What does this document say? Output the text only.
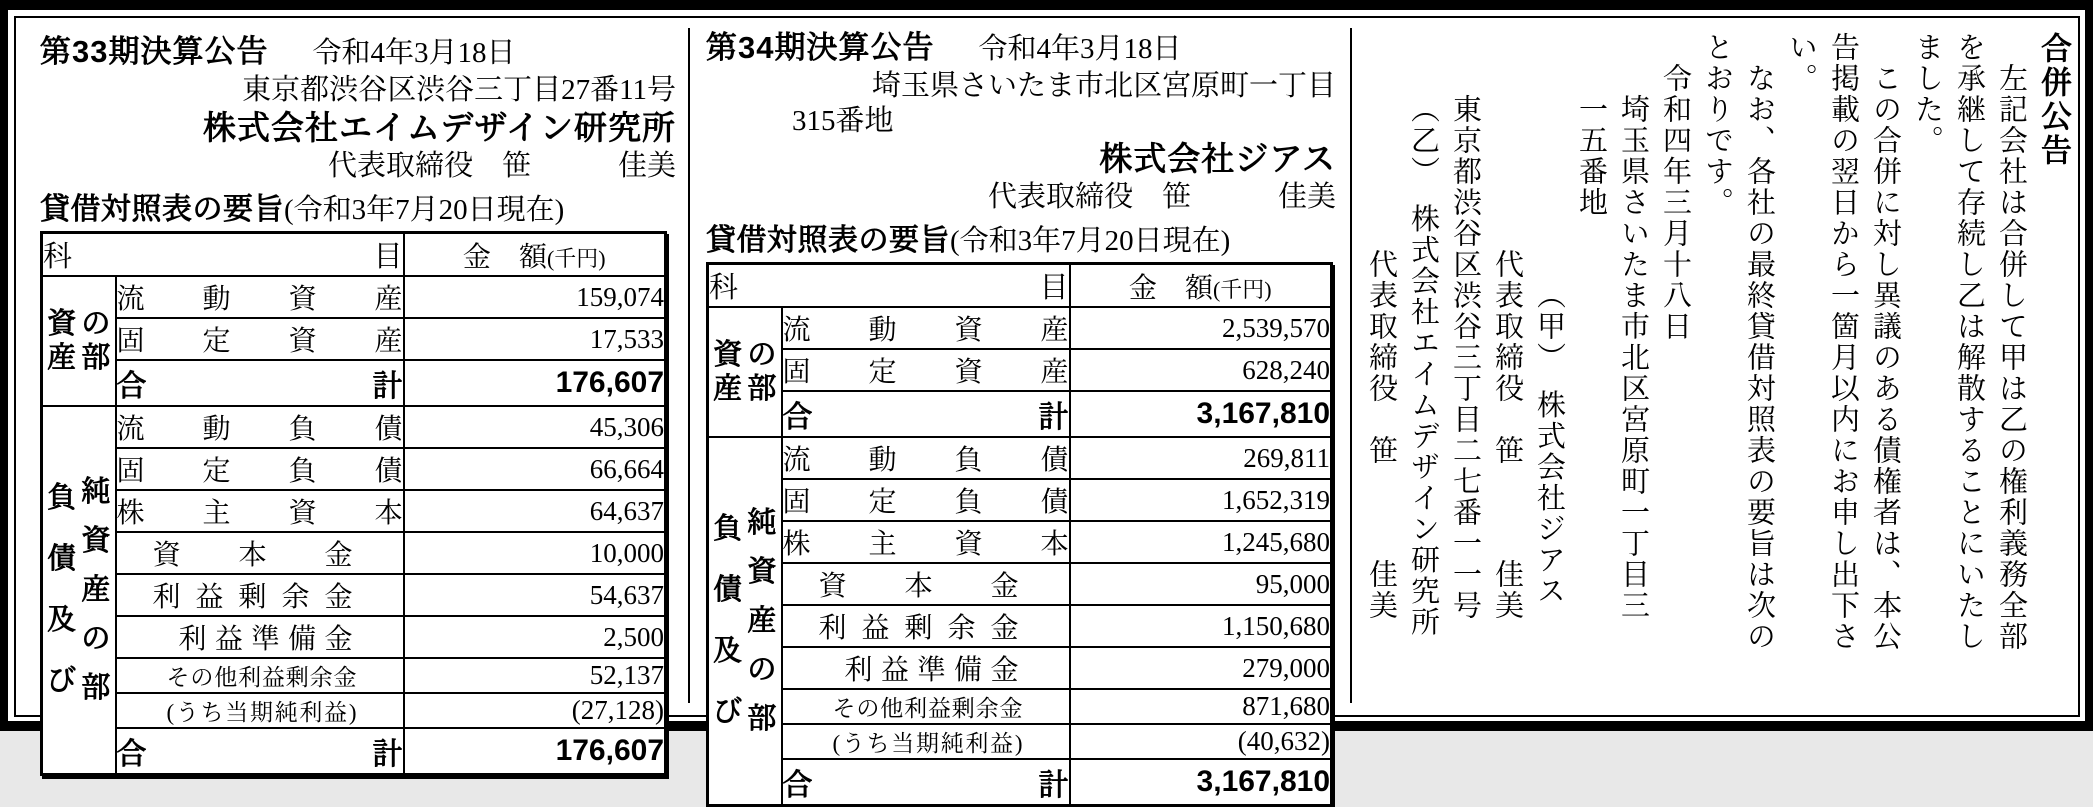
第33期決算公告 令和4年3月18日
東京都渋谷区渋谷三丁目27番11号
株式会社エイムデザイン研究所
代表取締役　笹　　　佳美
貸借対照表の要旨 (令和3年7月20日現在)
科目		金　額(千円)

資産
の部	流動資産	159,074
	固定資産	17,533
	合計	176,607

負債及び
純資産の部	流動負債	45,306
	固定負債	66,664
	株主資本	64,637
	資本金	10,000
	利益剰余金	54,637
	利益準備金	2,500
	その他利益剰余金	52,137
	(うち当期純利益)	(27,128)
	合計	176,607
第34期決算公告 令和4年3月18日
埼玉県さいたま市北区宮原町一丁目
315番地
株式会社ジアス
代表取締役　笹　　　佳美
貸借対照表の要旨 (令和3年7月20日現在)
科目		金　額(千円)

資産
の部	流動資産	2,539,570
	固定資産	628,240
	合計	3,167,810

負債及び
純資産の部	流動負債	269,811
	固定負債	1,652,319
	株主資本	1,245,680
	資本金	95,000
	利益剰余金	1,150,680
	利益準備金	279,000
	その他利益剰余金	871,680
	(うち当期純利益)	(40,632)
	合計	3,167,810
合併公告
左記会社は合併して甲は乙の権利義務全部
を承継して存続し乙は解散することにいたし
ました。
この合併に対し異議のある債権者は、本公
告掲載の翌日から一箇月以内にお申し出下さ
い。
なお、各社の最終貸借対照表の要旨は次の
とおりです。
令和四年三月十八日
埼玉県さいたま市北区宮原町一丁目三
一五番地
（甲）　株式会社ジアス
代表取締役　笹　　　佳美
東京都渋谷区渋谷三丁目二七番一一号
（乙）　株式会社エイムデザイン研究所
代表取締役　笹　　　佳美
